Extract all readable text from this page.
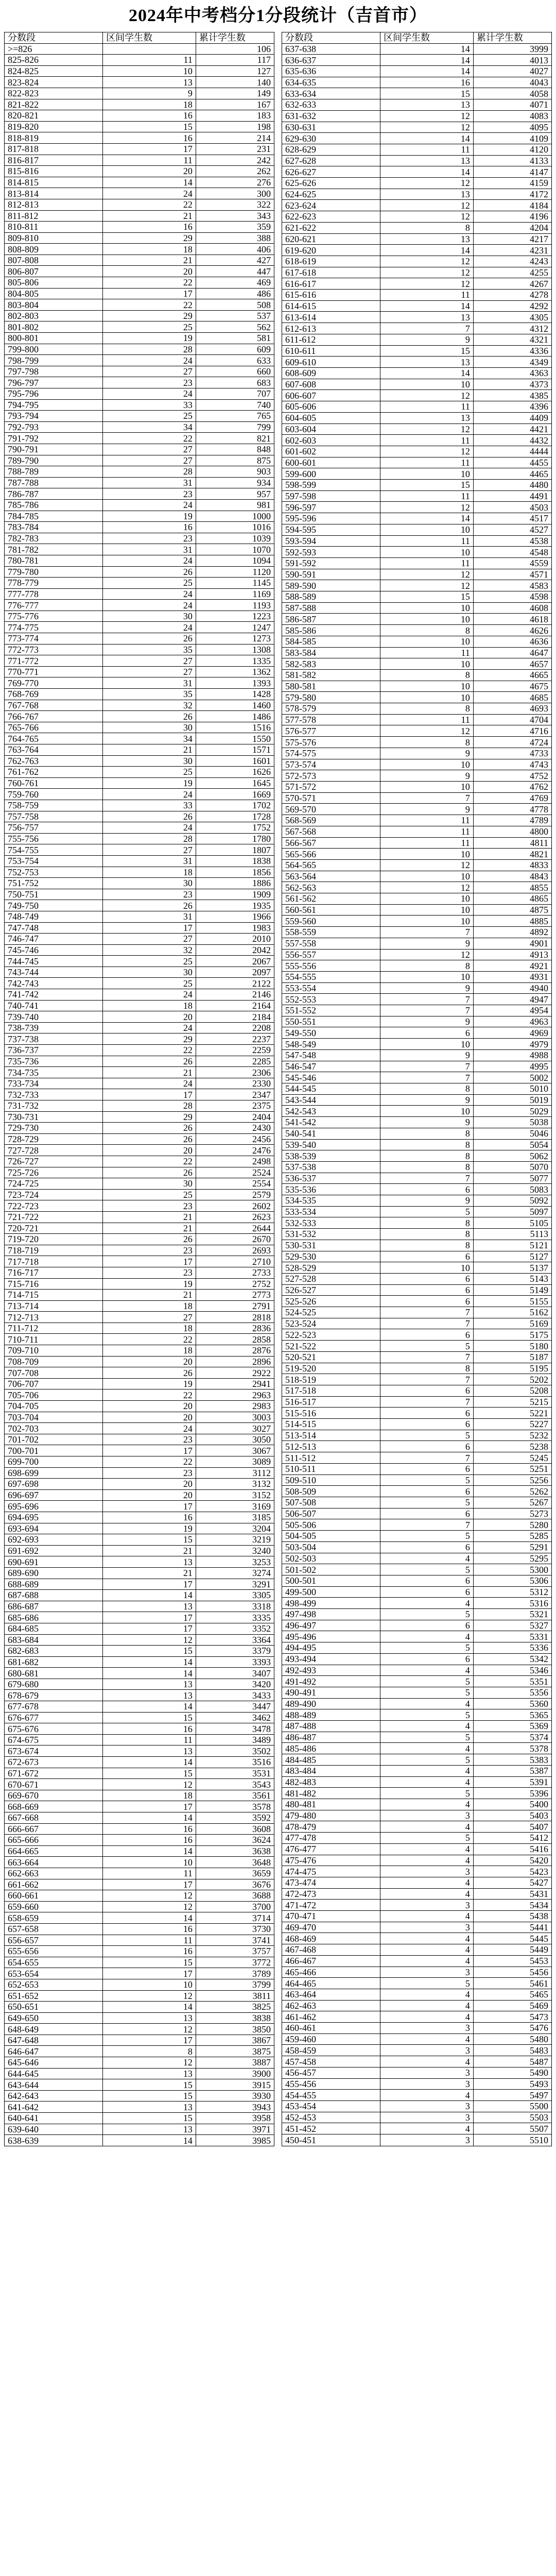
2024年中考档分1分段统计（吉首市）
分数段	区间学生数	累计学生数
>=826		106
825-826	11	117
824-825	10	127
823-824	13	140
822-823	9	149
821-822	18	167
820-821	16	183
819-820	15	198
818-819	16	214
817-818	17	231
816-817	11	242
815-816	20	262
814-815	14	276
813-814	24	300
812-813	22	322
811-812	21	343
810-811	16	359
809-810	29	388
808-809	18	406
807-808	21	427
806-807	20	447
805-806	22	469
804-805	17	486
803-804	22	508
802-803	29	537
801-802	25	562
800-801	19	581
799-800	28	609
798-799	24	633
797-798	27	660
796-797	23	683
795-796	24	707
794-795	33	740
793-794	25	765
792-793	34	799
791-792	22	821
790-791	27	848
789-790	27	875
788-789	28	903
787-788	31	934
786-787	23	957
785-786	24	981
784-785	19	1000
783-784	16	1016
782-783	23	1039
781-782	31	1070
780-781	24	1094
779-780	26	1120
778-779	25	1145
777-778	24	1169
776-777	24	1193
775-776	30	1223
774-775	24	1247
773-774	26	1273
772-773	35	1308
771-772	27	1335
770-771	27	1362
769-770	31	1393
768-769	35	1428
767-768	32	1460
766-767	26	1486
765-766	30	1516
764-765	34	1550
763-764	21	1571
762-763	30	1601
761-762	25	1626
760-761	19	1645
759-760	24	1669
758-759	33	1702
757-758	26	1728
756-757	24	1752
755-756	28	1780
754-755	27	1807
753-754	31	1838
752-753	18	1856
751-752	30	1886
750-751	23	1909
749-750	26	1935
748-749	31	1966
747-748	17	1983
746-747	27	2010
745-746	32	2042
744-745	25	2067
743-744	30	2097
742-743	25	2122
741-742	24	2146
740-741	18	2164
739-740	20	2184
738-739	24	2208
737-738	29	2237
736-737	22	2259
735-736	26	2285
734-735	21	2306
733-734	24	2330
732-733	17	2347
731-732	28	2375
730-731	29	2404
729-730	26	2430
728-729	26	2456
727-728	20	2476
726-727	22	2498
725-726	26	2524
724-725	30	2554
723-724	25	2579
722-723	23	2602
721-722	21	2623
720-721	21	2644
719-720	26	2670
718-719	23	2693
717-718	17	2710
716-717	23	2733
715-716	19	2752
714-715	21	2773
713-714	18	2791
712-713	27	2818
711-712	18	2836
710-711	22	2858
709-710	18	2876
708-709	20	2896
707-708	26	2922
706-707	19	2941
705-706	22	2963
704-705	20	2983
703-704	20	3003
702-703	24	3027
701-702	23	3050
700-701	17	3067
699-700	22	3089
698-699	23	3112
697-698	20	3132
696-697	20	3152
695-696	17	3169
694-695	16	3185
693-694	19	3204
692-693	15	3219
691-692	21	3240
690-691	13	3253
689-690	21	3274
688-689	17	3291
687-688	14	3305
686-687	13	3318
685-686	17	3335
684-685	17	3352
683-684	12	3364
682-683	15	3379
681-682	14	3393
680-681	14	3407
679-680	13	3420
678-679	13	3433
677-678	14	3447
676-677	15	3462
675-676	16	3478
674-675	11	3489
673-674	13	3502
672-673	14	3516
671-672	15	3531
670-671	12	3543
669-670	18	3561
668-669	17	3578
667-668	14	3592
666-667	16	3608
665-666	16	3624
664-665	14	3638
663-664	10	3648
662-663	11	3659
661-662	17	3676
660-661	12	3688
659-660	12	3700
658-659	14	3714
657-658	16	3730
656-657	11	3741
655-656	16	3757
654-655	15	3772
653-654	17	3789
652-653	10	3799
651-652	12	3811
650-651	14	3825
649-650	13	3838
648-649	12	3850
647-648	17	3867
646-647	8	3875
645-646	12	3887
644-645	13	3900
643-644	15	3915
642-643	15	3930
641-642	13	3943
640-641	15	3958
639-640	13	3971
638-639	14	3985
分数段	区间学生数	累计学生数
637-638	14	3999
636-637	14	4013
635-636	14	4027
634-635	16	4043
633-634	15	4058
632-633	13	4071
631-632	12	4083
630-631	12	4095
629-630	14	4109
628-629	11	4120
627-628	13	4133
626-627	14	4147
625-626	12	4159
624-625	13	4172
623-624	12	4184
622-623	12	4196
621-622	8	4204
620-621	13	4217
619-620	14	4231
618-619	12	4243
617-618	12	4255
616-617	12	4267
615-616	11	4278
614-615	14	4292
613-614	13	4305
612-613	7	4312
611-612	9	4321
610-611	15	4336
609-610	13	4349
608-609	14	4363
607-608	10	4373
606-607	12	4385
605-606	11	4396
604-605	13	4409
603-604	12	4421
602-603	11	4432
601-602	12	4444
600-601	11	4455
599-600	10	4465
598-599	15	4480
597-598	11	4491
596-597	12	4503
595-596	14	4517
594-595	10	4527
593-594	11	4538
592-593	10	4548
591-592	11	4559
590-591	12	4571
589-590	12	4583
588-589	15	4598
587-588	10	4608
586-587	10	4618
585-586	8	4626
584-585	10	4636
583-584	11	4647
582-583	10	4657
581-582	8	4665
580-581	10	4675
579-580	10	4685
578-579	8	4693
577-578	11	4704
576-577	12	4716
575-576	8	4724
574-575	9	4733
573-574	10	4743
572-573	9	4752
571-572	10	4762
570-571	7	4769
569-570	9	4778
568-569	11	4789
567-568	11	4800
566-567	11	4811
565-566	10	4821
564-565	12	4833
563-564	10	4843
562-563	12	4855
561-562	10	4865
560-561	10	4875
559-560	10	4885
558-559	7	4892
557-558	9	4901
556-557	12	4913
555-556	8	4921
554-555	10	4931
553-554	9	4940
552-553	7	4947
551-552	7	4954
550-551	9	4963
549-550	6	4969
548-549	10	4979
547-548	9	4988
546-547	7	4995
545-546	7	5002
544-545	8	5010
543-544	9	5019
542-543	10	5029
541-542	9	5038
540-541	8	5046
539-540	8	5054
538-539	8	5062
537-538	8	5070
536-537	7	5077
535-536	6	5083
534-535	9	5092
533-534	5	5097
532-533	8	5105
531-532	8	5113
530-531	8	5121
529-530	6	5127
528-529	10	5137
527-528	6	5143
526-527	6	5149
525-526	6	5155
524-525	7	5162
523-524	7	5169
522-523	6	5175
521-522	5	5180
520-521	7	5187
519-520	8	5195
518-519	7	5202
517-518	6	5208
516-517	7	5215
515-516	6	5221
514-515	6	5227
513-514	5	5232
512-513	6	5238
511-512	7	5245
510-511	6	5251
509-510	5	5256
508-509	6	5262
507-508	5	5267
506-507	6	5273
505-506	7	5280
504-505	5	5285
503-504	6	5291
502-503	4	5295
501-502	5	5300
500-501	6	5306
499-500	6	5312
498-499	4	5316
497-498	5	5321
496-497	6	5327
495-496	4	5331
494-495	5	5336
493-494	6	5342
492-493	4	5346
491-492	5	5351
490-491	5	5356
489-490	4	5360
488-489	5	5365
487-488	4	5369
486-487	5	5374
485-486	4	5378
484-485	5	5383
483-484	4	5387
482-483	4	5391
481-482	5	5396
480-481	4	5400
479-480	3	5403
478-479	4	5407
477-478	5	5412
476-477	4	5416
475-476	4	5420
474-475	3	5423
473-474	4	5427
472-473	4	5431
471-472	3	5434
470-471	4	5438
469-470	3	5441
468-469	4	5445
467-468	4	5449
466-467	4	5453
465-466	3	5456
464-465	5	5461
463-464	4	5465
462-463	4	5469
461-462	4	5473
460-461	3	5476
459-460	4	5480
458-459	3	5483
457-458	4	5487
456-457	3	5490
455-456	3	5493
454-455	4	5497
453-454	3	5500
452-453	3	5503
451-452	4	5507
450-451	3	5510
